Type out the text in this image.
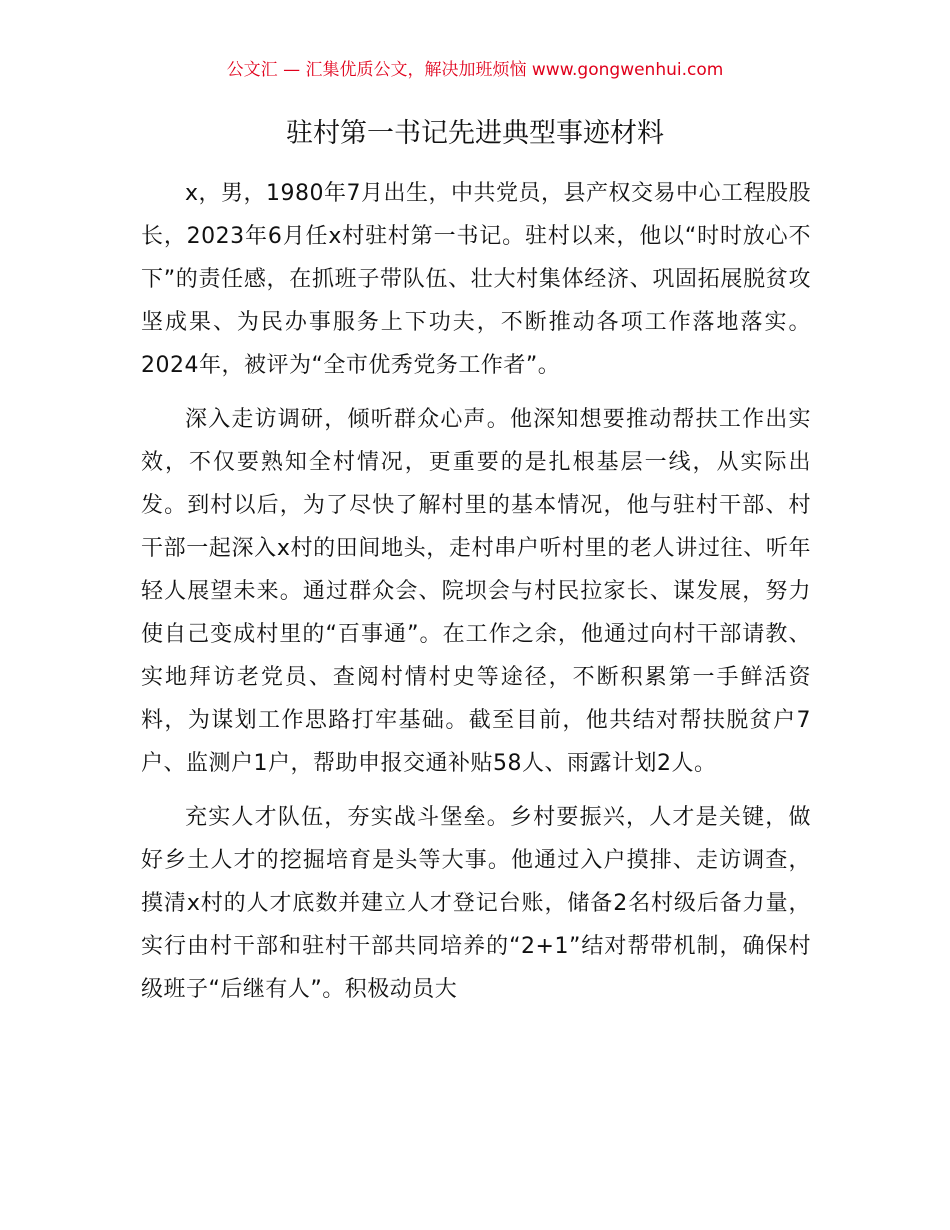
公文汇 — 汇集优质公文，解决加班烦恼 www.gongwenhui.com
驻村第一书记先进典型事迹材料

x，男，1980年7月出生，中共党员，县产权交易中心工程股股长，2023年6月任x村驻村第一书记。驻村以来，他以“时时放心不下”的责任感，在抓班子带队伍、壮大村集体经济、巩固拓展脱贫攻坚成果、为民办事服务上下功夫，不断推动各项工作落地落实。2024年，被评为“全市优秀党务工作者”。

深入走访调研，倾听群众心声。他深知想要推动帮扶工作出实效，不仅要熟知全村情况，更重要的是扎根基层一线，从实际出发。到村以后，为了尽快了解村里的基本情况，他与驻村干部、村干部一起深入x村的田间地头，走村串户听村里的老人讲过往、听年轻人展望未来。通过群众会、院坝会与村民拉家长、谋发展，努力使自己变成村里的“百事通”。在工作之余，他通过向村干部请教、实地拜访老党员、查阅村情村史等途径，不断积累第一手鲜活资料，为谋划工作思路打牢基础。截至目前，他共结对帮扶脱贫户7户、监测户1户，帮助申报交通补贴58人、雨露计划2人。

充实人才队伍，夯实战斗堡垒。乡村要振兴，人才是关键，做好乡土人才的挖掘培育是头等大事。他通过入户摸排、走访调查，摸清x村的人才底数并建立人才登记台账，储备2名村级后备力量，实行由村干部和驻村干部共同培养的“2+1”结对帮带机制，确保村级班子“后继有人”。积极动员大
